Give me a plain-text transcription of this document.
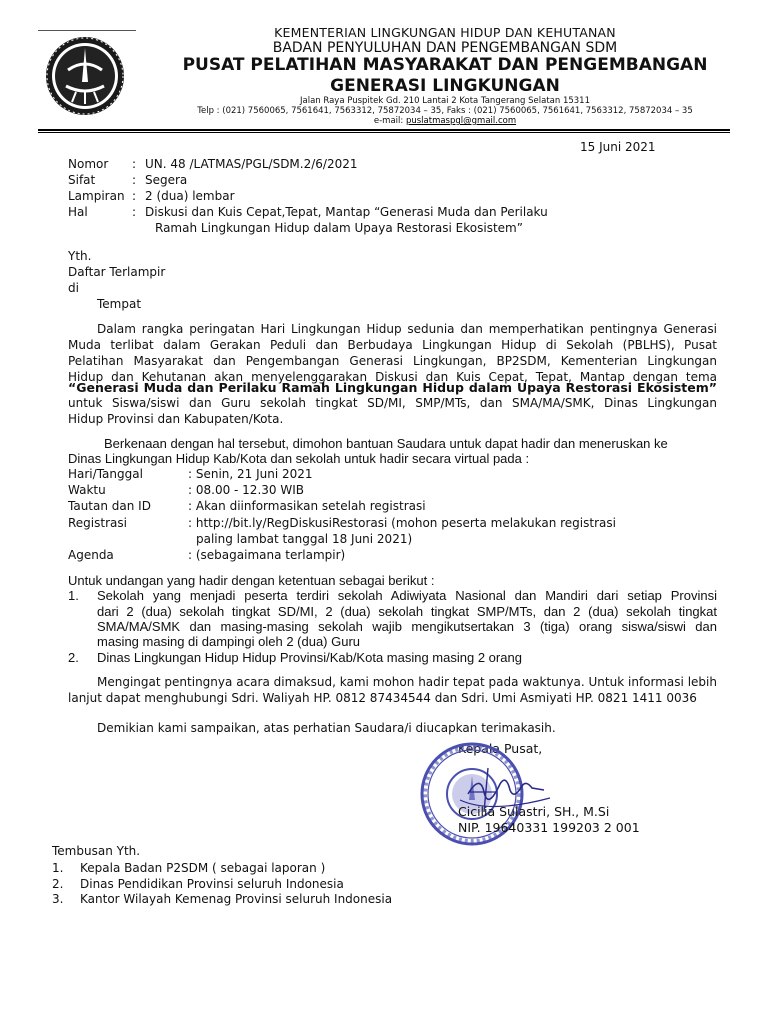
KEMENTERIAN LINGKUNGAN HIDUP DAN KEHUTANAN
BADAN PENYULUHAN DAN PENGEMBANGAN SDM
PUSAT PELATIHAN MASYARAKAT DAN PENGEMBANGAN
GENERASI LINGKUNGAN
Jalan Raya Puspitek Gd. 210 Lantai 2 Kota Tangerang Selatan 15311
Telp : (021) 7560065, 7561641, 7563312, 75872034 – 35, Faks : (021) 7560065, 7561641, 7563312, 75872034 – 35
e-mail: puslatmaspgl@gmail.com
15 Juni 2021
Nomor : UN. 48 /LATMAS/PGL/SDM.2/6/2021
Sifat	: Segera
Lampiran : 2 (dua) lembar
Hal	: Diskusi dan Kuis Cepat,Tepat, Mantap “Generasi Muda dan Perilaku
Ramah Lingkungan Hidup dalam Upaya Restorasi Ekosistem”
Yth.
Daftar Terlampir
di
Tempat
Dalam rangka peringatan Hari Lingkungan Hidup sedunia dan memperhatikan pentingnya Generasi
Muda terlibat dalam Gerakan Peduli dan Berbudaya Lingkungan Hidup di Sekolah (PBLHS), Pusat
Pelatihan Masyarakat dan Pengembangan Generasi Lingkungan, BP2SDM, Kementerian Lingkungan
Hidup dan Kehutanan akan menyelenggarakan Diskusi dan Kuis Cepat, Tepat, Mantap dengan tema
“Generasi Muda dan Perilaku Ramah Lingkungan Hidup dalam Upaya Restorasi Ekosistem”
untuk Siswa/siswi dan Guru sekolah tingkat SD/MI, SMP/MTs, dan SMA/MA/SMK, Dinas Lingkungan
Hidup Provinsi dan Kabupaten/Kota.
Berkenaan dengan hal tersebut, dimohon bantuan Saudara untuk dapat hadir dan meneruskan ke
Dinas Lingkungan Hidup Kab/Kota dan sekolah untuk hadir secara virtual pada :
Hari/Tanggal	: Senin, 21 Juni 2021
Waktu	: 08.00 - 12.30 WIB
Tautan dan ID	: Akan diinformasikan setelah registrasi
Registrasi	: http://bit.ly/RegDiskusiRestorasi (mohon peserta melakukan registrasi
paling lambat tanggal 18 Juni 2021)
Agenda	: (sebagaimana terlampir)
Untuk undangan yang hadir dengan ketentuan sebagai berikut :
1. Sekolah yang menjadi peserta terdiri sekolah Adiwiyata Nasional dan Mandiri dari setiap Provinsi
dari 2 (dua) sekolah tingkat SD/MI, 2 (dua) sekolah tingkat SMP/MTs, dan 2 (dua) sekolah tingkat
SMA/MA/SMK dan masing-masing sekolah wajib mengikutsertakan 3 (tiga) orang siswa/siswi dan
masing masing di dampingi oleh 2 (dua) Guru
2. Dinas Lingkungan Hidup Hidup Provinsi/Kab/Kota masing masing 2 orang
Mengingat pentingnya acara dimaksud, kami mohon hadir tepat pada waktunya. Untuk informasi lebih
lanjut dapat menghubungi Sdri. Waliyah HP. 0812 87434544 dan Sdri. Umi Asmiyati HP. 0821 1411 0036
Demikian kami sampaikan, atas perhatian Saudara/i diucapkan terimakasih.
Kepala Pusat,
Cicilia Sulastri, SH., M.Si
NIP. 19640331 199203 2 001
Tembusan Yth.
1. Kepala Badan P2SDM ( sebagai laporan )
2. Dinas Pendidikan Provinsi seluruh Indonesia
3. Kantor Wilayah Kemenag Provinsi seluruh Indonesia
